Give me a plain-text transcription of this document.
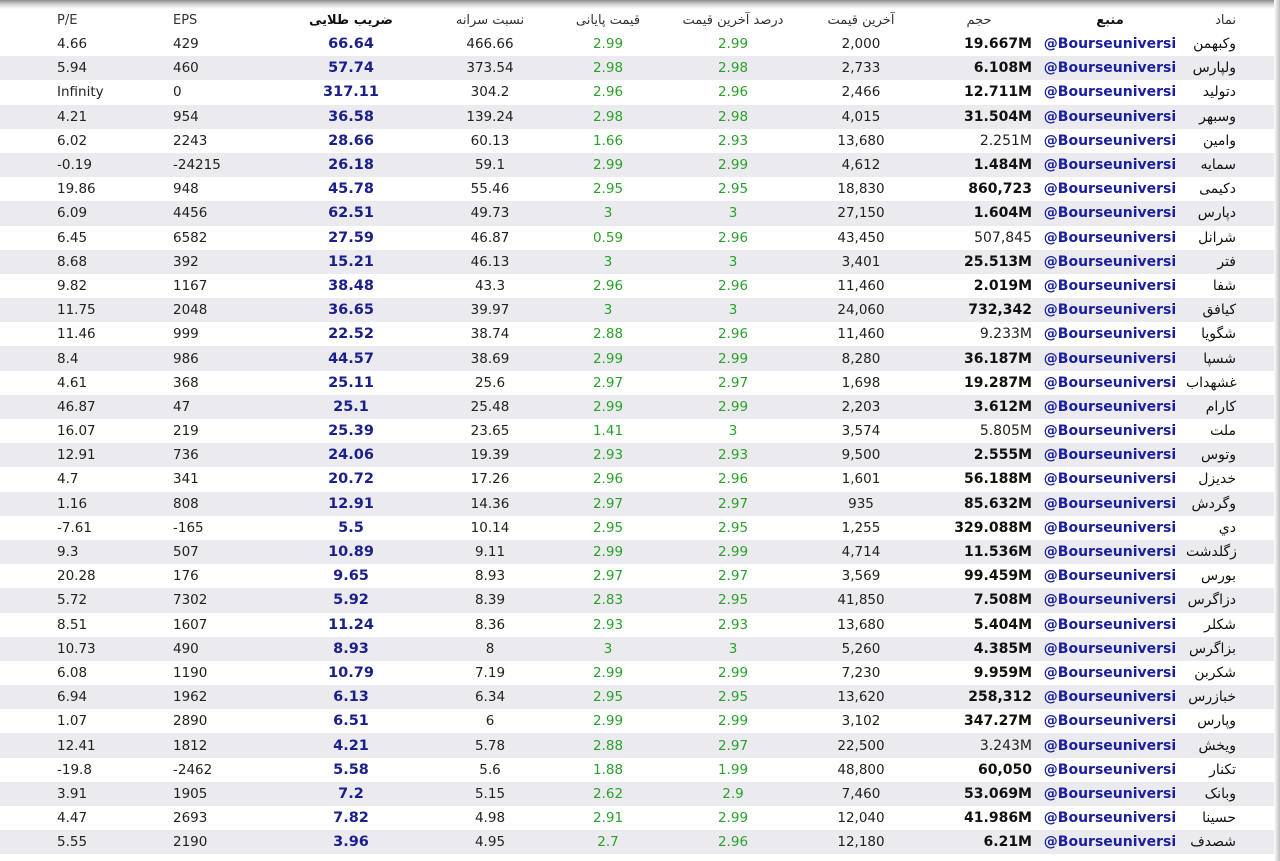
P/E	EPS	ضریب طلایی	نسبت سرانه	قیمت پایانی	درصد آخرین قیمت	آخرین قیمت	حجم	منبع	نماد
4.66	429	66.64	466.66	2.99	2.99	2,000	19.667M	@Bourseuniversi	وکبهمن
5.94	460	57.74	373.54	2.98	2.98	2,733	6.108M	@Bourseuniversi	ولپارس
Infinity	0	317.11	304.2	2.96	2.96	2,466	12.711M	@Bourseuniversi	دتولید
4.21	954	36.58	139.24	2.98	2.98	4,015	31.504M	@Bourseuniversi	وسبهر
6.02	2243	28.66	60.13	1.66	2.93	13,680	2.251M	@Bourseuniversi	وامین
-0.19	-24215	26.18	59.1	2.99	2.99	4,612	1.484M	@Bourseuniversi	سمایه
19.86	948	45.78	55.46	2.95	2.95	18,830	860,723	@Bourseuniversi	دکیمی
6.09	4456	62.51	49.73	3	3	27,150	1.604M	@Bourseuniversi	دپارس
6.45	6582	27.59	46.87	0.59	2.96	43,450	507,845	@Bourseuniversi	شرانل
8.68	392	15.21	46.13	3	3	3,401	25.513M	@Bourseuniversi	فتر
9.82	1167	38.48	43.3	2.96	2.96	11,460	2.019M	@Bourseuniversi	شفا
11.75	2048	36.65	39.97	3	3	24,060	732,342	@Bourseuniversi	کیافق
11.46	999	22.52	38.74	2.88	2.96	11,460	9.233M	@Bourseuniversi	شگویا
8.4	986	44.57	38.69	2.99	2.99	8,280	36.187M	@Bourseuniversi	شسپا
4.61	368	25.11	25.6	2.97	2.97	1,698	19.287M	@Bourseuniversi	غشهداب
46.87	47	25.1	25.48	2.99	2.99	2,203	3.612M	@Bourseuniversi	کارام
16.07	219	25.39	23.65	1.41	3	3,574	5.805M	@Bourseuniversi	ملت
12.91	736	24.06	19.39	2.93	2.93	9,500	2.555M	@Bourseuniversi	وتوس
4.7	341	20.72	17.26	2.96	2.96	1,601	56.188M	@Bourseuniversi	خدیزل
1.16	808	12.91	14.36	2.97	2.97	935	85.632M	@Bourseuniversi	وگردش
-7.61	-165	5.5	10.14	2.95	2.95	1,255	329.088M	@Bourseuniversi	دي
9.3	507	10.89	9.11	2.99	2.99	4,714	11.536M	@Bourseuniversi	زگلدشت
20.28	176	9.65	8.93	2.97	2.97	3,569	99.459M	@Bourseuniversi	بورس
5.72	7302	5.92	8.39	2.83	2.95	41,850	7.508M	@Bourseuniversi	دزاگرس
8.51	1607	11.24	8.36	2.93	2.93	13,680	5.404M	@Bourseuniversi	شکلر
10.73	490	8.93	8	3	3	5,260	4.385M	@Bourseuniversi	بزاگرس
6.08	1190	10.79	7.19	2.99	2.99	7,230	9.959M	@Bourseuniversi	شکربن
6.94	1962	6.13	6.34	2.95	2.95	13,620	258,312	@Bourseuniversi	خبازرس
1.07	2890	6.51	6	2.99	2.99	3,102	347.27M	@Bourseuniversi	وپارس
12.41	1812	4.21	5.78	2.88	2.97	22,500	3.243M	@Bourseuniversi	ویخش
-19.8	-2462	5.58	5.6	1.88	1.99	48,800	60,050	@Bourseuniversi	تکنار
3.91	1905	7.2	5.15	2.62	2.9	7,460	53.069M	@Bourseuniversi	وبانک
4.47	2693	7.82	4.98	2.91	2.99	12,040	41.986M	@Bourseuniversi	حسینا
5.55	2190	3.96	4.95	2.7	2.96	12,180	6.21M	@Bourseuniversi	شصدف
